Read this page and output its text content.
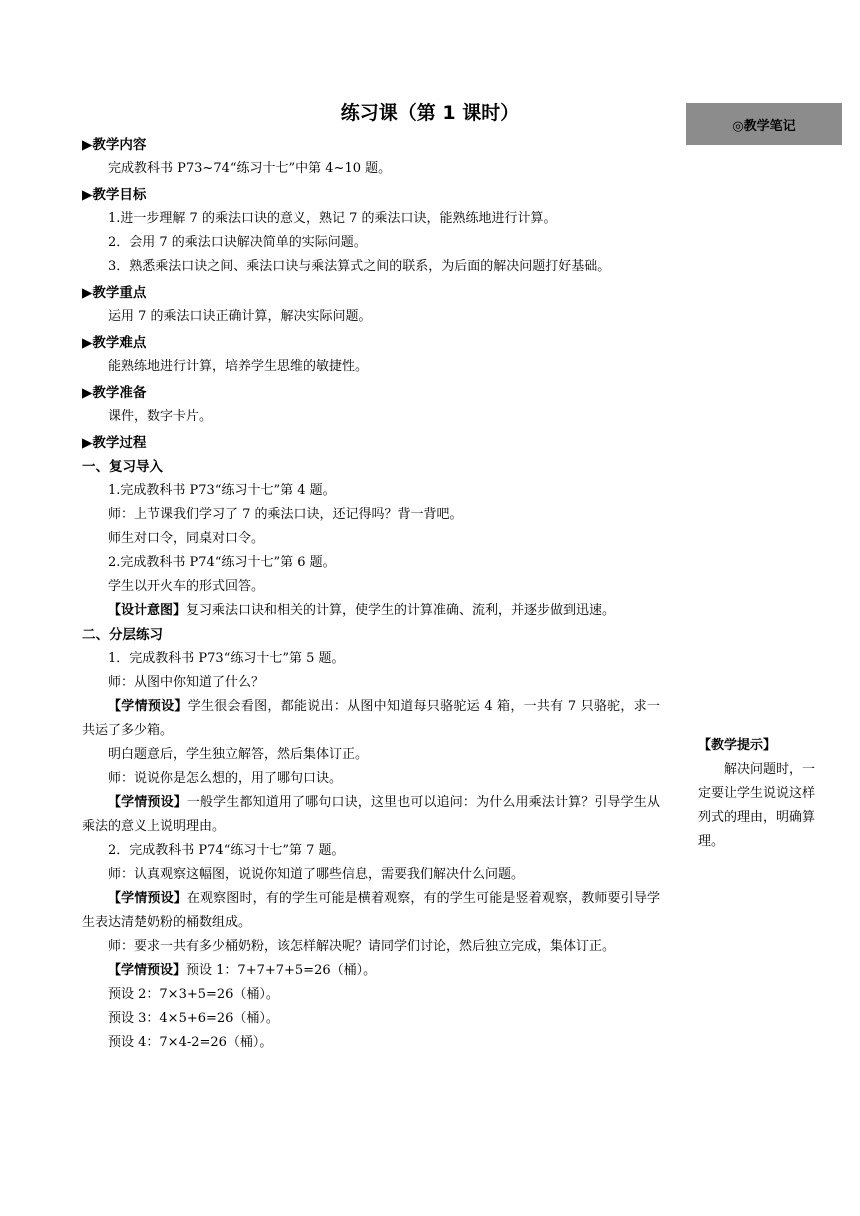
练习课（第 1 课时）
◎教学笔记
▶教学内容

完成教科书 P73~74“练习十七”中第 4~10 题。

▶教学目标

1.进一步理解 7 的乘法口诀的意义，熟记 7 的乘法口诀，能熟练地进行计算。

2．会用 7 的乘法口诀解决简单的实际问题。

3．熟悉乘法口诀之间、乘法口诀与乘法算式之间的联系，为后面的解决问题打好基础。

▶教学重点

运用 7 的乘法口诀正确计算，解决实际问题。

▶教学难点

能熟练地进行计算，培养学生思维的敏捷性。

▶教学准备

课件，数字卡片。

▶教学过程
一、复习导入

1.完成教科书 P73“练习十七”第 4 题。

师：上节课我们学习了 7 的乘法口诀，还记得吗？背一背吧。

师生对口令，同桌对口令。

2.完成教科书 P74“练习十七”第 6 题。

学生以开火车的形式回答。

【设计意图】复习乘法口诀和相关的计算，使学生的计算准确、流利，并逐步做到迅速。

二、分层练习

1．完成教科书 P73“练习十七”第 5 题。

师：从图中你知道了什么？

【学情预设】学生很会看图，都能说出：从图中知道每只骆驼运 4 箱，一共有 7 只骆驼，求一共运了多少箱。

明白题意后，学生独立解答，然后集体订正。

师：说说你是怎么想的，用了哪句口诀。

【学情预设】一般学生都知道用了哪句口诀，这里也可以追问：为什么用乘法计算？引导学生从乘法的意义上说明理由。

2．完成教科书 P74“练习十七”第 7 题。

师：认真观察这幅图，说说你知道了哪些信息，需要我们解决什么问题。

【学情预设】在观察图时，有的学生可能是横着观察，有的学生可能是竖着观察，教师要引导学生表达清楚奶粉的桶数组成。

师：要求一共有多少桶奶粉，该怎样解决呢？请同学们讨论，然后独立完成，集体订正。

【学情预设】预设 1：7+7+7+5=26（桶）。

预设 2：7×3+5=26（桶）。

预设 3：4×5+6=26（桶）。

预设 4：7×4-2=26（桶）。

【教学提示】

解决问题时，一定要让学生说说这样列式的理由，明确算理。
